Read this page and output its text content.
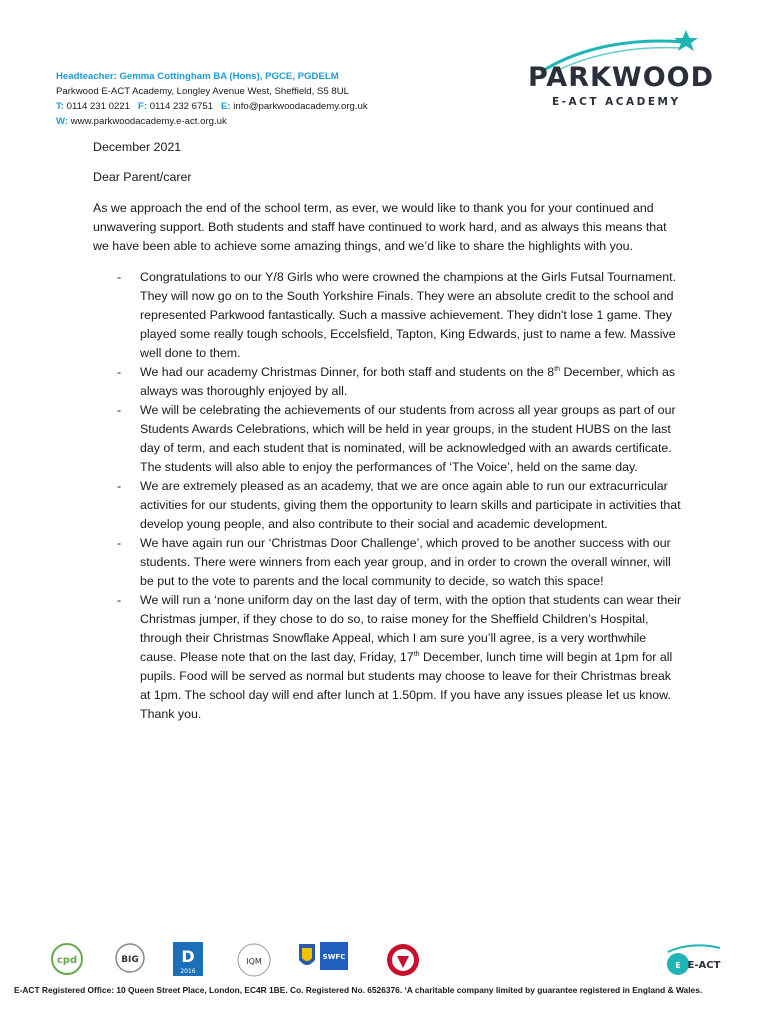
Headteacher: Gemma Cottingham BA (Hons), PGCE, PGDELM
Parkwood E-ACT Academy, Longley Avenue West, Sheffield, S5 8UL
T: 0114 231 0221 F: 0114 232 6751 E: info@parkwoodacademy.org.uk
W: www.parkwoodacademy.e-act.org.uk
PARKWOOD
E-ACT ACADEMY

December 2021

Dear Parent/carer

As we approach the end of the school term, as ever, we would like to thank you for your continued and unwavering support. Both students and staff have continued to work hard, and as always this means that we have been able to achieve some amazing things, and we’d like to share the highlights with you.

- Congratulations to our Y/8 Girls who were crowned the champions at the Girls Futsal Tournament. They will now go on to the South Yorkshire Finals. They were an absolute credit to the school and represented Parkwood fantastically. Such a massive achievement. They didn't lose 1 game. They played some really tough schools, Eccelsfield, Tapton, King Edwards, just to name a few. Massive well done to them.
- We had our academy Christmas Dinner, for both staff and students on the 8th December, which as always was thoroughly enjoyed by all.
- We will be celebrating the achievements of our students from across all year groups as part of our Students Awards Celebrations, which will be held in year groups, in the student HUBS on the last day of term, and each student that is nominated, will be acknowledged with an awards certificate. The students will also able to enjoy the performances of ‘The Voice’, held on the same day.
- We are extremely pleased as an academy, that we are once again able to run our extracurricular activities for our students, giving them the opportunity to learn skills and participate in activities that develop young people, and also contribute to their social and academic development.
- We have again run our ‘Christmas Door Challenge’, which proved to be another success with our students. There were winners from each year group, and in order to crown the overall winner, will be put to the vote to parents and the local community to decide, so watch this space!
- We will run a ‘none uniform day on the last day of term, with the option that students can wear their Christmas jumper, if they chose to do so, to raise money for the Sheffield Children’s Hospital, through their Christmas Snowflake Appeal, which I am sure you’ll agree, is a very worthwhile cause. Please note that on the last day, Friday, 17th December, lunch time will begin at 1pm for all pupils. Food will be served as normal but students may choose to leave for their Christmas break at 1pm. The school day will end after lunch at 1.50pm. If you have any issues please let us know. Thank you.
cpd	BIG	D
2016
IQM	SWFC
E E-ACT
E-ACT Registered Office: 10 Queen Street Place, London, EC4R 1BE. Co. Registered No. 6526376. ‘A charitable company limited by guarantee registered in England & Wales.
